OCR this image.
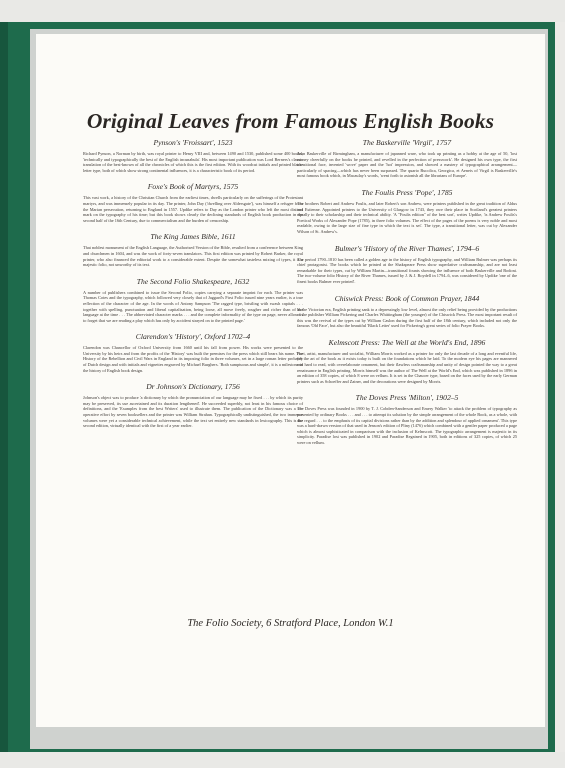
Original Leaves from Famous English Books

Pynson's 'Froissart', 1523

Richard Pynson, a Norman by birth, was royal printer to Henry VIII and, between 1490 and 1530, published some 400 books, 'technically and typographically the best of the English incunabula'. His most important publication was Lord Berners's classic translation of the best-known of all the chronicles of which this is the first edition. With its woodcut initials and printed black-letter type, both of which show strong continental influences, it is a characteristic book of its period.

Foxe's Book of Martyrs, 1575

This vast work, a history of the Christian Church from the earliest times, dwells particularly on the sufferings of the Protestant martyrs, and was immensely popular in its day. The printer, John Day ('dwelling over Aldersgate'), was himself a refugee from the Marian persecution, returning to England in 1557. Updike refers to Day as the London printer who left the most distinct mark on the typography of his time; but this book shows clearly the declining standards of English book production in the second half of the 16th Century, due to commercialism and the burden of censorship.

The King James Bible, 1611

That noblest monument of the English Language, the Authorised Version of the Bible, resulted from a conference between King and churchmen in 1604, and was the work of forty-seven translators. This first edition was printed by Robert Barker, the royal printer, who also financed the editorial work to a considerable extent. Despite the somewhat tasteless mixing of types, it is a majestic folio, not unworthy of its text.

The Second Folio Shakespeare, 1632

A number of publishers combined to issue the Second Folio, copies carrying a separate imprint for each. The printer was Thomas Cotes and the typography, which followed very closely that of Jaggard's First Folio issued nine years earlier, is a true reflection of the character of the age. In the words of Antony Sampson 'The ragged type, bristling with swash capitals . . . together with spelling, punctuation and liberal capitalisation, being loose, all move freely, rougher and richer than of the language at the time . . . The abbreviated character marks . . . and the complete informality of the type on page, never allow us to forget that we are reading a play which has only by accident strayed on to the printed page.'

Clarendon's 'History', Oxford 1702–4

Clarendon was Chancellor of Oxford University from 1660 until his fall from power. His works were presented to the University by his heirs and from the profits of the 'History' was built the premises for the press which still bears his name. The History of the Rebellion and Civil Wars in England in its imposing folio in three volumes, set in a large roman letter probably of Dutch design and with initials and vignettes engraved by Michael Burghers. 'Both sumptuous and simple', it is a milestone in the history of English book design.

Dr Johnson's Dictionary, 1756

Johnson's object was to produce 'a dictionary by which the pronunciation of our language may be fixed . . . by which its purity may be preserved, its use ascertained and its duration lengthened'. He succeeded superbly, not least in his famous choice of definitions, and the 'Examples from the best Writers' used to illustrate them. The publication of the Dictionary was a co-operative effort by seven booksellers and the printer was William Strahan. Typographically undistinguished, the two immense volumes were yet a considerable technical achievement, while the text set entirely new standards in lexicography. This is the second edition, virtually identical with the first of a year earlier.

The Baskerville 'Virgil', 1757

John Baskerville of Birmingham, a manufacturer of japanned ware, who took up printing as a hobby at the age of 50, 'lost money cheerfully on the books he printed, and revelled in the perfection of presswork'. He designed his own type, the first transitional face, invented 'wove' paper and the 'hot' impression, and showed a mastery of typographical arrangement—particularly of spacing—which has never been surpassed. The quarto Bucolica, Georgica, et Aeneis of Virgil is Baskerville's most famous book which, in Macaulay's words, 'went forth to astonish all the librarians of Europe'.

The Foulis Press 'Pope', 1785

The brothers Robert and Andrew Foulis, and later Robert's son Andrew, were printers published in the great tradition of Aldus and Estienne. Appointed printers to the University of Glasgow in 1743, they owe their place in Scotland's greatest printers equally to their scholarship and their technical ability. 'A "Foulis edition" of the best sort', writes Updike, 'is Andrew Foulis's Poetical Works of Alexander Pope (1785), in three folio volumes. The effect of the pages of the poems is very noble and most readable, owing to the large size of fine type in which the text is set'. The type, a transitional letter, was cut by Alexander Wilson of St. Andrew's.

Bulmer's 'History of the River Thames', 1794–6

The period 1790–1810 has been called a golden age in the history of English typography, and William Bulmer was perhaps its chief protagonist. The books which he printed at the Shakspeare Press show superlative craftsmanship, and are not least remarkable for their types, cut by William Martin—transitional founts showing the influence of both Baskerville and Bodoni. The two-volume folio History of the River Thames, issued by J. & J. Boydell in 1794–6, was considered by Updike 'one of the finest books Bulmer ever printed'.

Chiswick Press: Book of Common Prayer, 1844

In the Victorian era, English printing sank to a depressingly low level, almost the only relief being provided by the productions of the publisher William Pickering and Charles Whittingham (the younger) of the Chiswick Press. The most important result of this was the revival of the types cut by William Caslon during the first half of the 18th century, which included not only the famous 'Old Face', but also the beautiful 'Black Letter' used for Pickering's great series of folio Prayer Books.

Kelmscott Press: The Well at the World's End, 1896

Poet, artist, manufacturer and socialist, William Morris worked as a printer for only the last decade of a long and eventful life, yet the art of the book as it exists today is built on the foundations which he laid. To the modern eye his pages are mannered and hard to read, with overelaborate ornament, but their flawless craftsmanship and unity of design pointed the way to a great renaissance in English printing. Morris himself was the author of The Well at the World's End, which was published in 1896 in an edition of 358 copies, of which 8 were on vellum. It is set in the Chaucer type, based on the faces used by the early German printers such as Schoeffer and Zainer, and the decorations were designed by Morris.

The Doves Press 'Milton', 1902–5

The Doves Press was founded in 1900 by T. J. Cobden-Sanderson and Emery Walker 'to attack the problem of typography as presented by ordinary Books . . . and . . . to attempt its solution by the simple arrangement of the whole Book, as a whole, with due regard . . . to the emphasis of its capital divisions rather than by the addition and splendour of applied ornament'. This type was a hard-drawn version of that used in Jenson's edition of Pliny (1476) which combined with a gentler paper produced a page which is almost sophisticated in comparison with the inclusion of Kelmscott. The typographic arrangement is majestic in its simplicity. Paradise lost was published in 1902 and Paradise Regained in 1905, both in editions of 325 copies, of which 25 were on vellum.

The Folio Society, 6 Stratford Place, London W.1
